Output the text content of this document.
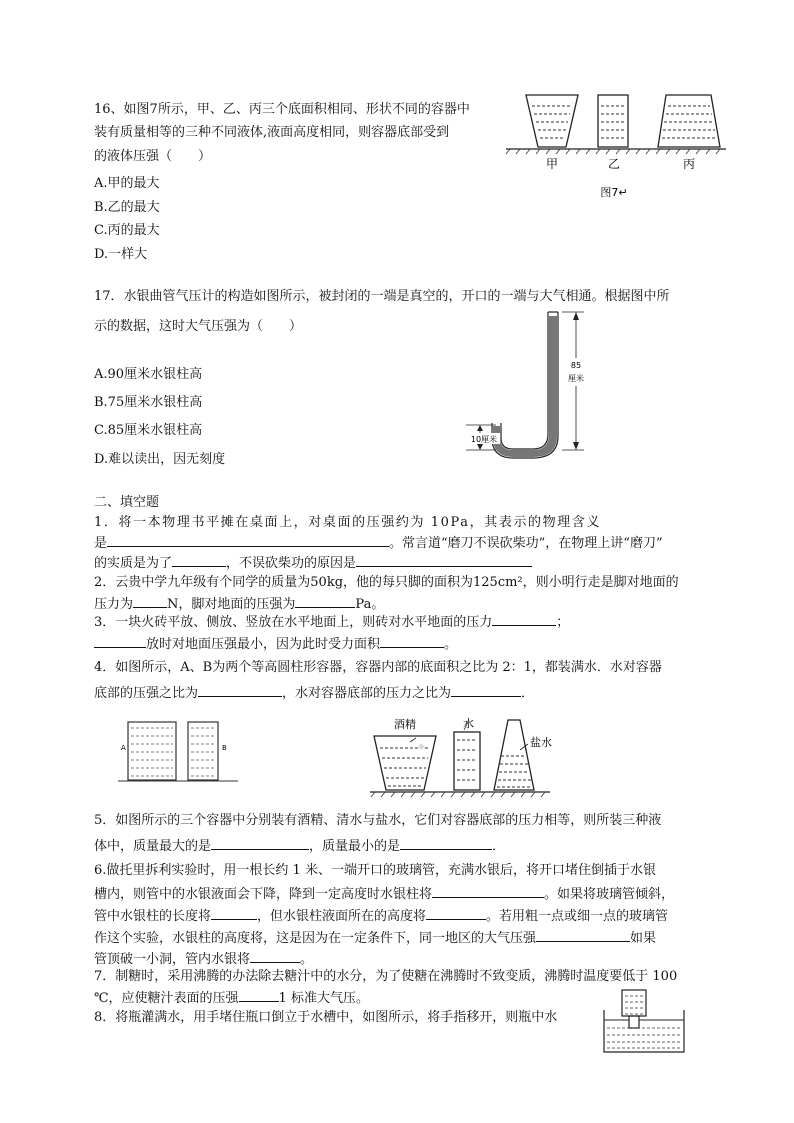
16、如图7所示，甲、乙、丙三个底面积相同、形状不同的容器中
装有质量相等的三种不同液体,液面高度相同，则容器底部受到
的液体压强（　　）
A.甲的最大
B.乙的最大
C.丙的最大
D.一样大
甲	乙	丙
图7↵
17．水银曲管气压计的构造如图所示，被封闭的一端是真空的，开口的一端与大气相通。根据图中所
示的数据，这时大气压强为（　　）
A.90厘米水银柱高
B.75厘米水银柱高
C.85厘米水银柱高
D.难以读出，因无刻度
85
厘米
10厘米
二、填空题
1．将一本物理书平摊在桌面上，对桌面的压强约为 10Pa，其表示的物理含义
是	。常言道“磨刀不误砍柴功”，在物理上讲“磨刀”
的实质是为了	，不误砍柴功的原因是
2．云贵中学九年级有个同学的质量为50kg，他的每只脚的面积为125cm²，则小明行走是脚对地面的
压力为	N，脚对地面的压强为	Pa。
3．一块火砖平放、侧放、竖放在水平地面上，则砖对水平地面的压力	；
放时对地面压强最小，因为此时受力面积	。
4．如图所示，A、B为两个等高圆柱形容器，容器内部的底面积之比为 2：1，都装满水．水对容器
底部的压强之比为	，水对容器底部的压力之比为	．
A	B
酒精	水
盐水
◆
5．如图所示的三个容器中分别装有酒精、清水与盐水，它们对容器底部的压力相等，则所装三种液
体中，质量最大的是	，质量最小的是	．
6.做托里拆利实验时，用一根长约 1 米、一端开口的玻璃管，充满水银后，将开口堵住倒插于水银
槽内，则管中的水银液面会下降，降到一定高度时水银柱将	。如果将玻璃管倾斜，
管中水银柱的长度将	，但水银柱液面所在的高度将	。若用粗一点或细一点的玻璃管
作这个实验，水银柱的高度将，这是因为在一定条件下，同一地区的大气压强	如果
管顶破一小洞，管内水银将	。
7．制糖时，采用沸腾的办法除去糖汁中的水分，为了使糖在沸腾时不致变质，沸腾时温度要低于 100
℃，应使糖汁表面的压强	1 标准大气压。
8．将瓶灌满水，用手堵住瓶口倒立于水槽中，如图所示，将手指移开，则瓶中水
